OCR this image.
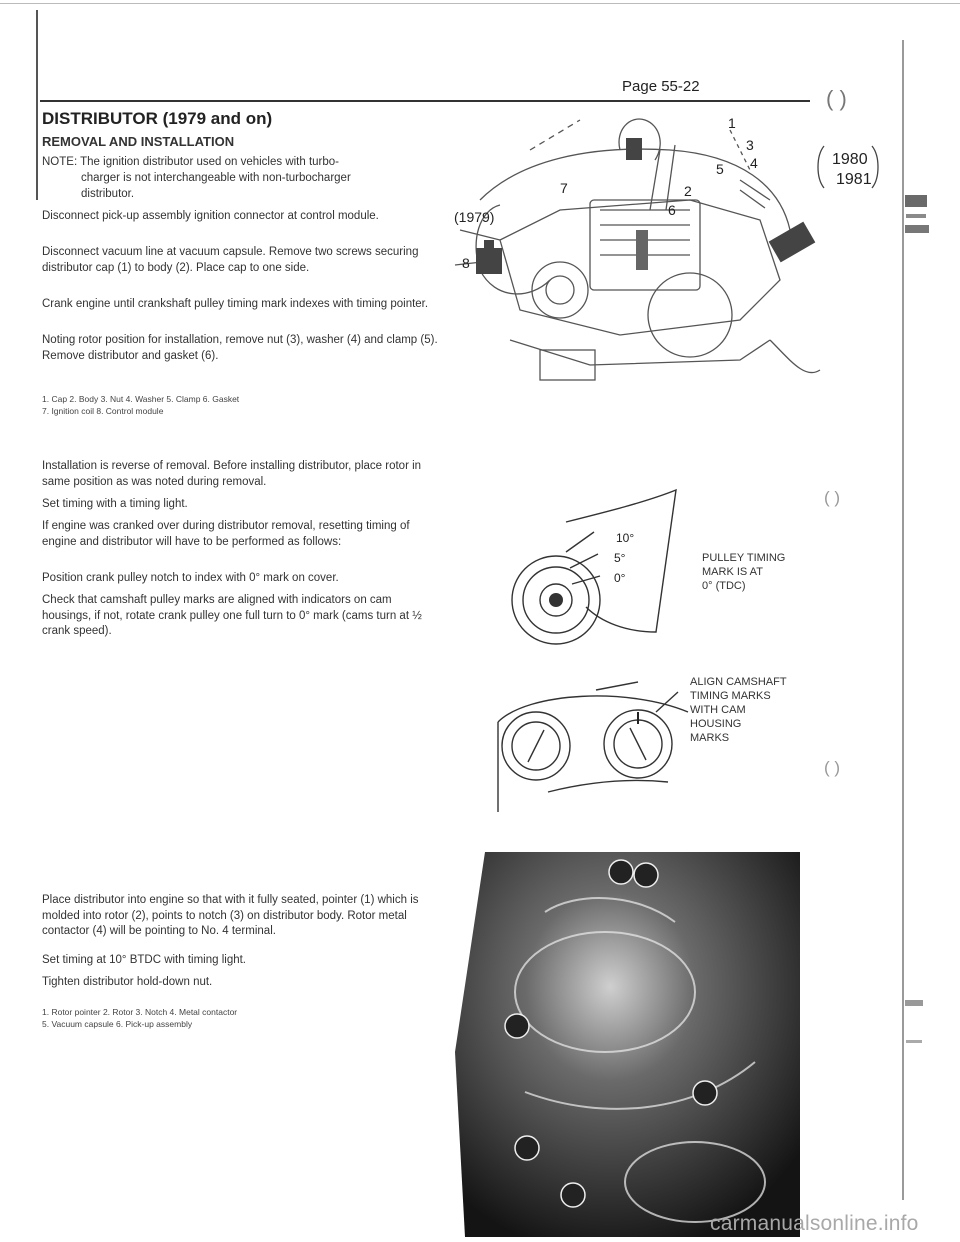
Page 55-22	( )
( )
( )
DISTRIBUTOR (1979 and on)
REMOVAL AND INSTALLATION
NOTE: The ignition distributor used on vehicles with turbo-
charger is not interchangeable with non-turbocharger
distributor.
Disconnect pick-up assembly ignition connector at control module.
Disconnect vacuum line at vacuum capsule. Remove two screws securing distributor cap (1) to body (2). Place cap to one side.
Crank engine until crankshaft pulley timing mark indexes with timing pointer.
Noting rotor position for installation, remove nut (3), washer (4) and clamp (5). Remove distributor and gasket (6).
1. Cap 2. Body 3. Nut 4. Washer 5. Clamp 6. Gasket
7. Ignition coil 8. Control module
Installation is reverse of removal. Before installing distributor, place rotor in same position as was noted during removal.
Set timing with a timing light.
If engine was cranked over during distributor removal, resetting timing of engine and distributor will have to be performed as follows:
Position crank pulley notch to index with 0° mark on cover.
Check that camshaft pulley marks are aligned with indicators on cam housings, if not, rotate crank pulley one full turn to 0° mark (cams turn at ½ crank speed).
Place distributor into engine so that with it fully seated, pointer (1) which is molded into rotor (2), points to notch (3) on distributor body. Rotor metal contactor (4) will be pointing to No. 4 terminal.
Set timing at 10° BTDC with timing light.
Tighten distributor hold-down nut.
1. Rotor pointer 2. Rotor 3. Notch 4. Metal contactor
5. Vacuum capsule 6. Pick-up assembly
1
2
3
4
5
6
7
8
(1979)
1980
1981
10°
5°
0°
PULLEY TIMING
MARK IS AT
0° (TDC)
ALIGN CAMSHAFT
TIMING MARKS
WITH CAM
HOUSING
MARKS
1
2
3
4
5
6
carmanualsonline.info
